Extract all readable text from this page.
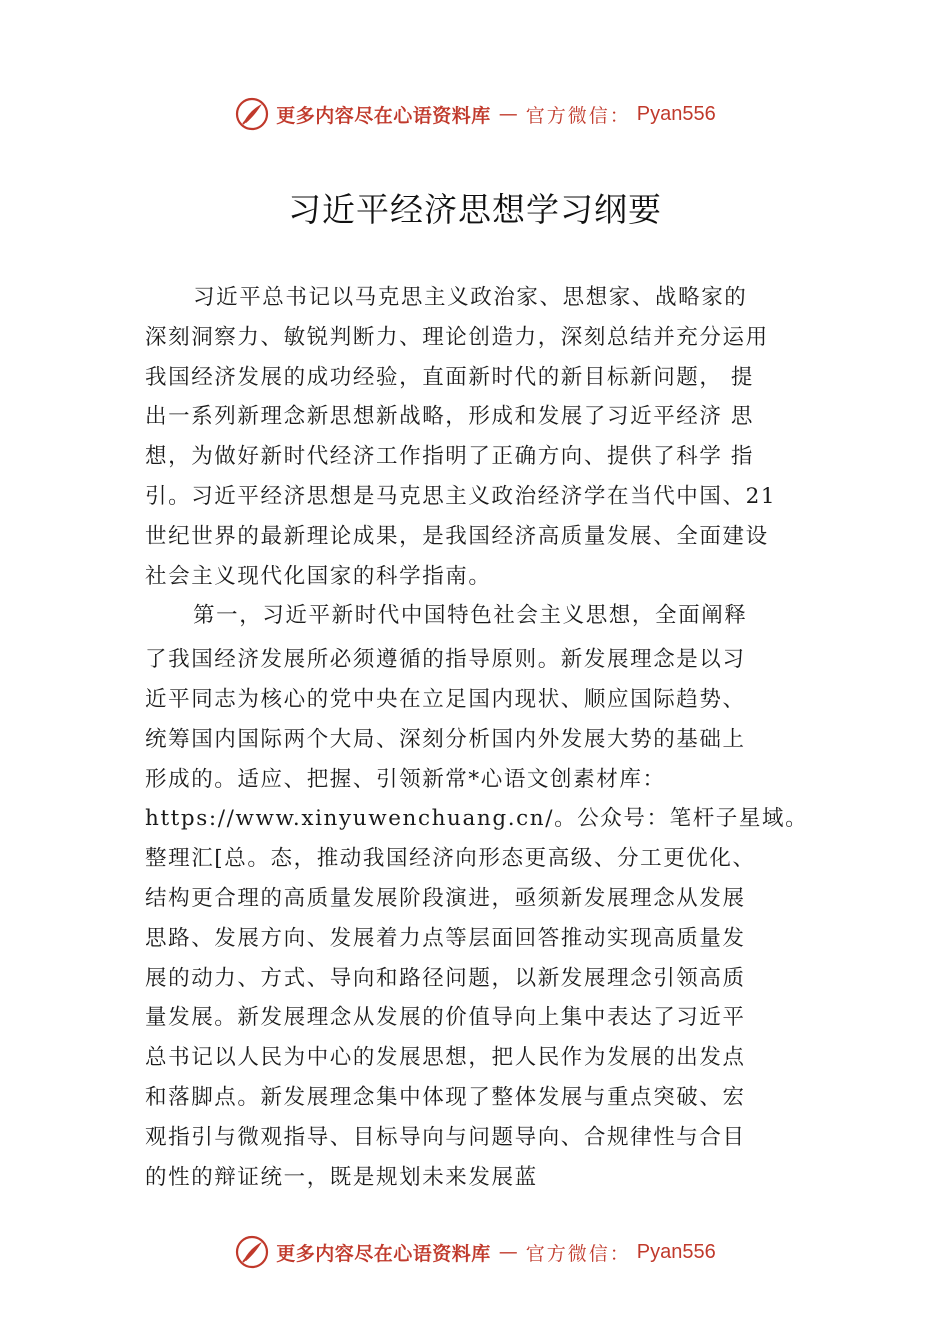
更多内容尽在心语资料库 — 官方微信： Pyan556
习近平经济思想学习纲要
习近平总书记以马克思主义政治家、思想家、战略家的
深刻洞察力、敏锐判断力、理论创造力，深刻总结并充分运用
我国经济发展的成功经验，直面新时代的新目标新问题， 提
出一系列新理念新思想新战略，形成和发展了习近平经济 思
想，为做好新时代经济工作指明了正确方向、提供了科学 指
引。习近平经济思想是马克思主义政治经济学在当代中国、21
世纪世界的最新理论成果，是我国经济高质量发展、全面建设
社会主义现代化国家的科学指南。
第一，习近平新时代中国特色社会主义思想，全面阐释
了我国经济发展所必须遵循的指导原则。新发展理念是以习
近平同志为核心的党中央在立足国内现状、顺应国际趋势、
统筹国内国际两个大局、深刻分析国内外发展大势的基础上
形成的。适应、把握、引领新常*心语文创素材库：
https://www.xinyuwenchuang.cn/。公众号：笔杆子星域。
整理汇[总。态，推动我国经济向形态更高级、分工更优化、
结构更合理的高质量发展阶段演进，亟须新发展理念从发展
思路、发展方向、发展着力点等层面回答推动实现高质量发
展的动力、方式、导向和路径问题，以新发展理念引领高质
量发展。新发展理念从发展的价值导向上集中表达了习近平
总书记以人民为中心的发展思想，把人民作为发展的出发点
和落脚点。新发展理念集中体现了整体发展与重点突破、宏
观指引与微观指导、目标导向与问题导向、合规律性与合目
的性的辩证统一，既是规划未来发展蓝
更多内容尽在心语资料库 — 官方微信： Pyan556
